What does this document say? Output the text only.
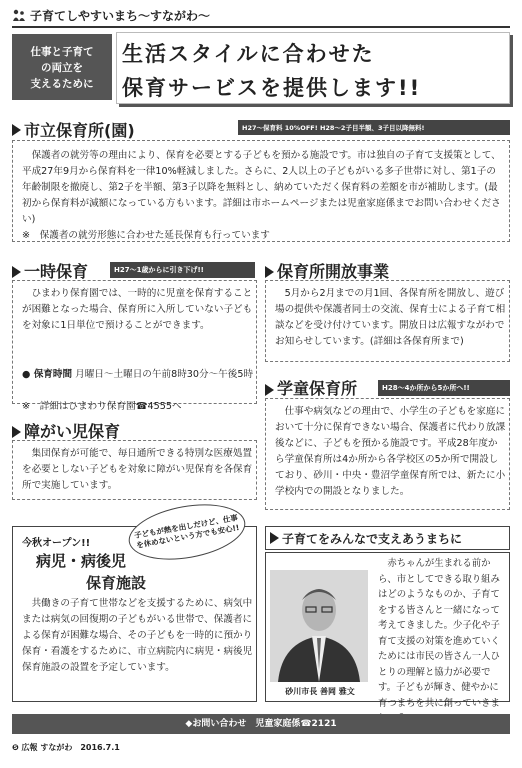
子育てしやすいまち～すながわ～
仕事と子育て
の両立を
支えるために
生活スタイルに合わせた
保育サービスを提供します!!
市立保育所(園)	H27～保育料 10%OFF! H28～2子目半額、3子目以降無料!
　保護者の就労等の理由により、保育を必要とする子どもを預かる施設です。市は独自の子育て支援策として、平成27年9月から保育料を一律10%軽減しました。さらに、2人以上の子どもがいる多子世帯に対し、第1子の年齢制限を撤廃し、第2子を半額、第3子以降を無料とし、納めていただく保育料の差額を市が補助します。(最初から保育料が減額になっている方もいます。詳細は市ホームページまたは児童家庭係までお問い合わせください)
※　保護者の就労形態に合わせた延長保育も行っています
一時保育	H27～1歳からに引き下げ!!
　ひまわり保育園では、一時的に児童を保育することが困難となった場合、保育所に入所していない子どもを対象に1日単位で預けることができます。

● 保育時間 月曜日～土曜日の午前8時30分～午後5時

※　詳細はひまわり保育園☎4555へ

保育所開放事業
　5月から2月までの月1回、各保育所を開放し、遊び場の提供や保護者同士の交流、保育士による子育て相談などを受け付けています。開放日は広報すながわでお知らせしています。(詳細は各保育所まで)
障がい児保育
　集団保育が可能で、毎日通所できる特別な医療処置を必要としない子どもを対象に障がい児保育を各保育所で実施しています。
学童保育所	H28～4か所から5か所へ!!
　仕事や病気などの理由で、小学生の子どもを家庭において十分に保育できない場合、保護者に代わり放課後などに、子どもを預かる施設です。平成28年度から学童保育所は4か所から各学校区の5か所で開設しており、砂川・中央・豊沼学童保育所では、新たに小学校内での開設となりました。
今秋オープン!!
病児・病後児
保育施設
　共働きの子育て世帯などを支援するために、病気中または病気の回復期の子どもがいる世帯で、保護者による保育が困難な場合、その子どもを一時的に預かり保育・看護をするために、市立病院内に病児・病後児保育施設の設置を予定しています。
子どもが熱を出しだけど、仕事を休めないという方でも安心!!	子育てをみんなで支えあうまちに
砂川市長 善岡 雅文
　赤ちゃんが生まれる前から、市としてできる取り組みはどのようなものか、子育てをする皆さんと一緒になって考えてきました。少子化や子育て支援の対策を進めていくためには市民の皆さん一人ひとりの理解と協力が必要です。子どもが輝き、健やかに育つまちを共に創っていきま
◆お問い合わせ　児童家庭係☎2121
❺ 広報 すながわ　2016.7.1
